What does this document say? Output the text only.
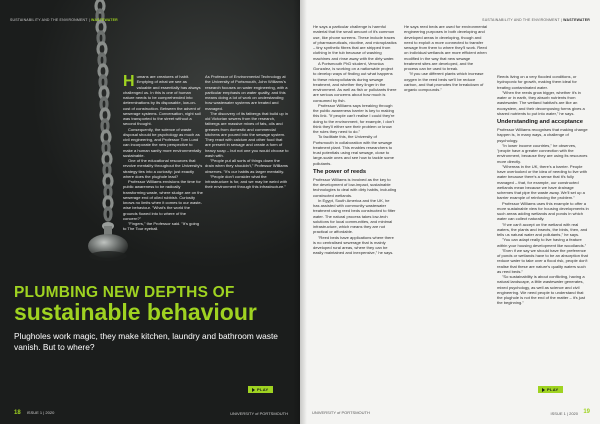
SUSTAINABILITY AND THE ENVIRONMENT | WASTEWATER

Humans are creatures of habit. Emptying of what we see as valuable and essentially has always challenged us. In this is one of human nature needs to be comprehended into determinations by its disposable, low-on-cost of construction. Between the advent of sewerage systems. Conversation, night soil was transported to the street without a second thought.

Consequently, the science of waste disposal should be psychology as much as civil engineering, and Professor Tom Lund can incorporate the new perspective to make a human sanity more environmentally sustainable.

One of the educational resources that revolve mentality throughout the University's strategy ties into a curiosity: just exactly where does the plughole lead?

Professor Williams envisions the time for public awareness to be radically transforming waste, where sludge are on the sewerage end of oiled rubbish. Curiosity knows no limits when it comes to our waste-wise behaviour. "What's the world the grounds flowed into to where of the concern?"

"Fingers," the Professor said. "It's going to The Tour eyeball.

As Professor of Environmental Technology at the University of Portsmouth, John Williams's research focuses on water engineering, with a particular emphasis on water quality, and this means doing a lot of work on understanding how wastewater systems are treated and managed.

The discovery of its fatbergs that build up in old Victorian sewers from the research, fatbergs are massive mixes of fats, oils and greases from domestic and commercial kitchens are poured into the sewage system. They react with calcium and other food that are present in sewage and create a form of heavy soap – but not one you would choose to wash with.

"People put all sorts of things down the drain when they shouldn't," Professor Williams observes. "It's our habits as larger mentality.

"People don't consider what the infrastructure is for, and we may be weird with their environment through this infrastructure."

PLUMBING NEW DEPTHS OF
sustainable behaviour
Plugholes work magic, they make kitchen, laundry and bathroom waste vanish. But to where?
PLAY
18 ISSUE 1 | 2020	UNIVERSITY of PORTSMOUTH
SUSTAINABILITY AND THE ENVIRONMENT | WASTEWATER

He says a particular challenge is harmful material that the small amount of it's common use, like phone screens. These include traces of pharmaceuticals, nicotine, and microplastics – tiny synthetic fibres that are stripped from clothing in the tub because of washing machines and rinse away with the dirty water.

A Portsmouth PhD student, Veronica Gonzalez, is working on a nationwide project to develop ways of finding out what happens to these micropollutants during sewage treatment, and whether they linger in the environment. As well as fish or pollutants there are serious concerns about how much is consumed by fish.

Professor Williams says breaking through the public awareness barrier is key to making this link. "If people can't realise I could they're doing to the environment, for example, I don't think they'll either see their problem or know the rules they need to do."

To facilitate this, the University of Portsmouth in collaboration with the sewage treatment plant. This enables researchers to trust potentials using real sewage, close to large-scale ones and see how to tackle some pollutants.

The power of reeds

Professor Williams is involved as the key to the development of low-impact, sustainable technologies to deal with dirty habits, including constructed wetlands.

In Egypt, South America and the UK, he has assisted with community wastewater treatment using reed beds constructed to filter water. The natural process takes low-tech solutions for local communities, and minimal infrastructure, which means they are not practical or affordable.

"Reed beds have applications where there is no centralised sewerage that is mainly developed rural areas, where they can be easily maintained and inexpensive," he says.

He says reed beds are used for environmental engineering purposes in both developing and developed areas in developing, though and need to exploit a more connected to transfer sewage from them to where they'll work. Reed on individual wetlands are more efficient when modified in the way that new sewage treatment sites are developed, and the process can be used to break.

"If you use different plants which increase oxygen in the reed beds we'll be reduce carbon, and that promotes the breakdown of organic compounds."

Reeds living on a very flooded conditions, or hydroponic for growth, making them ideal for treating contaminated water.

"When the reeds grow bigger, whether it's in water or in earth, they absorb nutrients from wastewater. The wetland habitat's are like an ecosystem, and their decomposing forms gives a shared nutrients to put into water," he says.

Understanding and acceptance

Professor Williams recognises that making change happen is, in many ways, a challenge of psychology.

"In lower income countries," he observes, "people have a greater connection with the environment, because they are using its resources more directly.

"Whereas in the UK, there's a barrier. People have overlooked or the idea of needing to live with water because there's a sense that it's fully managed – that, for example, our constructed wetlands mean because we have drainage schemes that pipe the waste away. We'll set up a barrier example of reinforcing the problem."

Professor Williams uses this example to offer a more sustainable view for housing developments in such areas adding wetlands and ponds in which water can collect naturally.

"If we can't accept on the wetland with real waters, the plants and insects, the birds, then, and tells us natural water and pollutants," he says.

"You can adapt really to live having a feature within your housing development like woodlands."

"Even if we say we should have the preference of ponds or wetlands have to be an absorption that reduce water to take over a flood risk, people don't realise that these are nature's quality waters such as reed beds."

"So sustainability is about conflicting, having a natural landscape, a little wastewater generates, mixed psychology, as well as science and civil engineering. We need people to understand that the plughole is not the end of the matter – it's just the beginning."

PLAY
UNIVERSITY of PORTSMOUTH	ISSUE 1 | 2020 19
